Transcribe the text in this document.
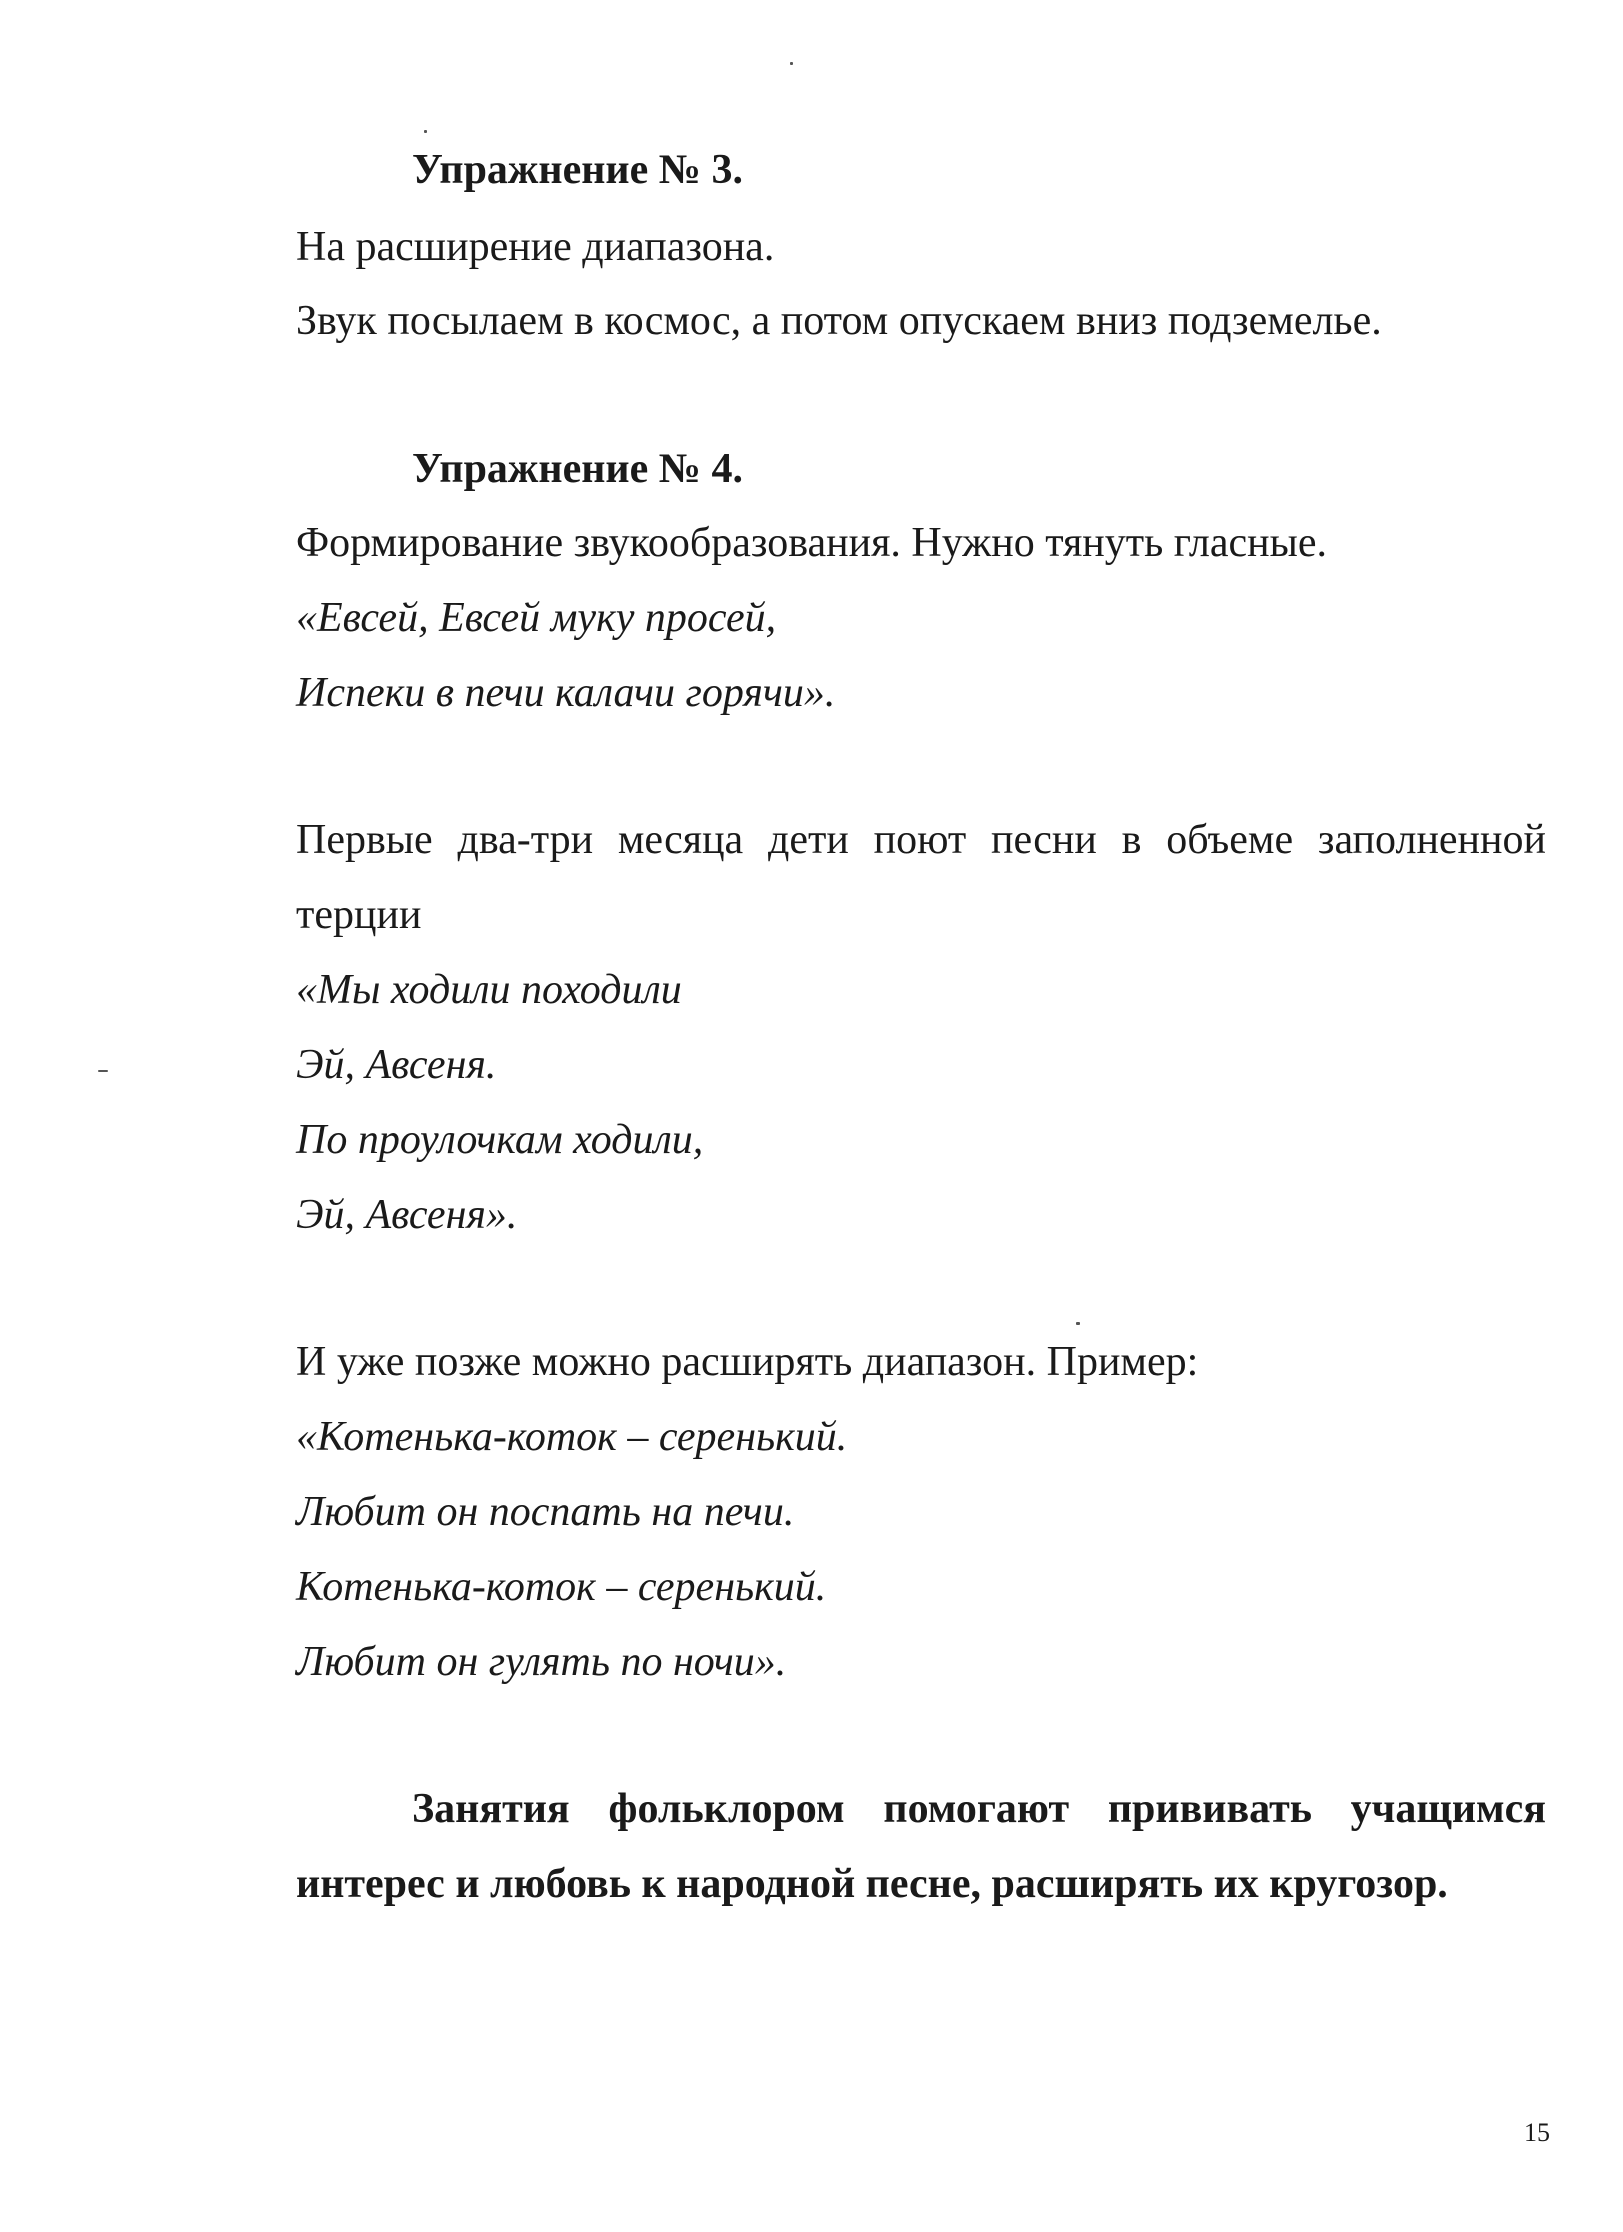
Упражнение № 3.
На расширение диапазона.
Звук посылаем в космос, а потом опускаем вниз подземелье.
Упражнение № 4.
Формирование звукообразования. Нужно тянуть гласные.
«Евсей, Евсей муку просей,
Испеки в печи калачи горячи».
Первые два-три месяца дети поют песни в объеме заполненной
терции
«Мы ходили походили
Эй, Авсеня.
По проулочкам ходили,
Эй, Авсеня».
И уже позже можно расширять диапазон. Пример:
«Котенька-коток – серенький.
Любит он поспать на печи.
Котенька-коток – серенький.
Любит он гулять по ночи».
Занятия фольклором помогают прививать учащимся
интерес и любовь к народной песне, расширять их кругозор.
15
